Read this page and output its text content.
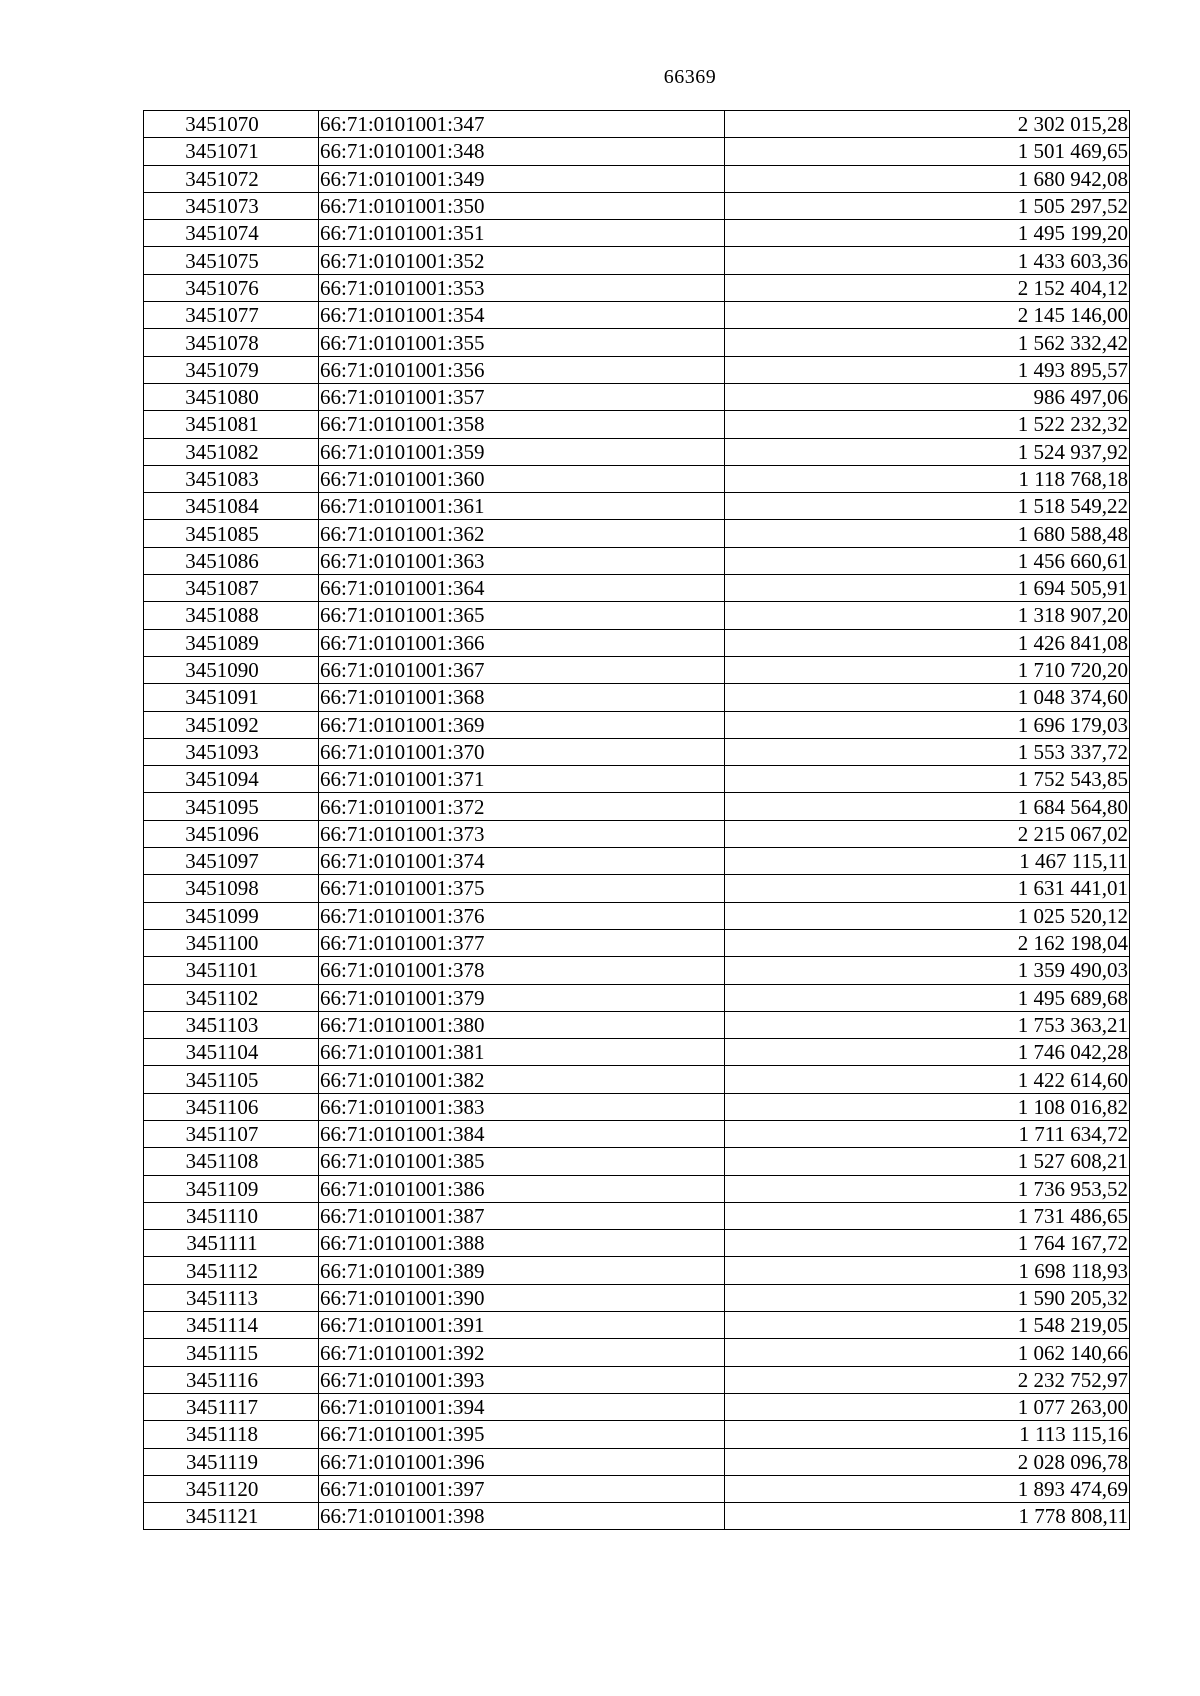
66369
3451070	66:71:0101001:347	2 302 015,28
3451071	66:71:0101001:348	1 501 469,65
3451072	66:71:0101001:349	1 680 942,08
3451073	66:71:0101001:350	1 505 297,52
3451074	66:71:0101001:351	1 495 199,20
3451075	66:71:0101001:352	1 433 603,36
3451076	66:71:0101001:353	2 152 404,12
3451077	66:71:0101001:354	2 145 146,00
3451078	66:71:0101001:355	1 562 332,42
3451079	66:71:0101001:356	1 493 895,57
3451080	66:71:0101001:357	986 497,06
3451081	66:71:0101001:358	1 522 232,32
3451082	66:71:0101001:359	1 524 937,92
3451083	66:71:0101001:360	1 118 768,18
3451084	66:71:0101001:361	1 518 549,22
3451085	66:71:0101001:362	1 680 588,48
3451086	66:71:0101001:363	1 456 660,61
3451087	66:71:0101001:364	1 694 505,91
3451088	66:71:0101001:365	1 318 907,20
3451089	66:71:0101001:366	1 426 841,08
3451090	66:71:0101001:367	1 710 720,20
3451091	66:71:0101001:368	1 048 374,60
3451092	66:71:0101001:369	1 696 179,03
3451093	66:71:0101001:370	1 553 337,72
3451094	66:71:0101001:371	1 752 543,85
3451095	66:71:0101001:372	1 684 564,80
3451096	66:71:0101001:373	2 215 067,02
3451097	66:71:0101001:374	1 467 115,11
3451098	66:71:0101001:375	1 631 441,01
3451099	66:71:0101001:376	1 025 520,12
3451100	66:71:0101001:377	2 162 198,04
3451101	66:71:0101001:378	1 359 490,03
3451102	66:71:0101001:379	1 495 689,68
3451103	66:71:0101001:380	1 753 363,21
3451104	66:71:0101001:381	1 746 042,28
3451105	66:71:0101001:382	1 422 614,60
3451106	66:71:0101001:383	1 108 016,82
3451107	66:71:0101001:384	1 711 634,72
3451108	66:71:0101001:385	1 527 608,21
3451109	66:71:0101001:386	1 736 953,52
3451110	66:71:0101001:387	1 731 486,65
3451111	66:71:0101001:388	1 764 167,72
3451112	66:71:0101001:389	1 698 118,93
3451113	66:71:0101001:390	1 590 205,32
3451114	66:71:0101001:391	1 548 219,05
3451115	66:71:0101001:392	1 062 140,66
3451116	66:71:0101001:393	2 232 752,97
3451117	66:71:0101001:394	1 077 263,00
3451118	66:71:0101001:395	1 113 115,16
3451119	66:71:0101001:396	2 028 096,78
3451120	66:71:0101001:397	1 893 474,69
3451121	66:71:0101001:398	1 778 808,11
